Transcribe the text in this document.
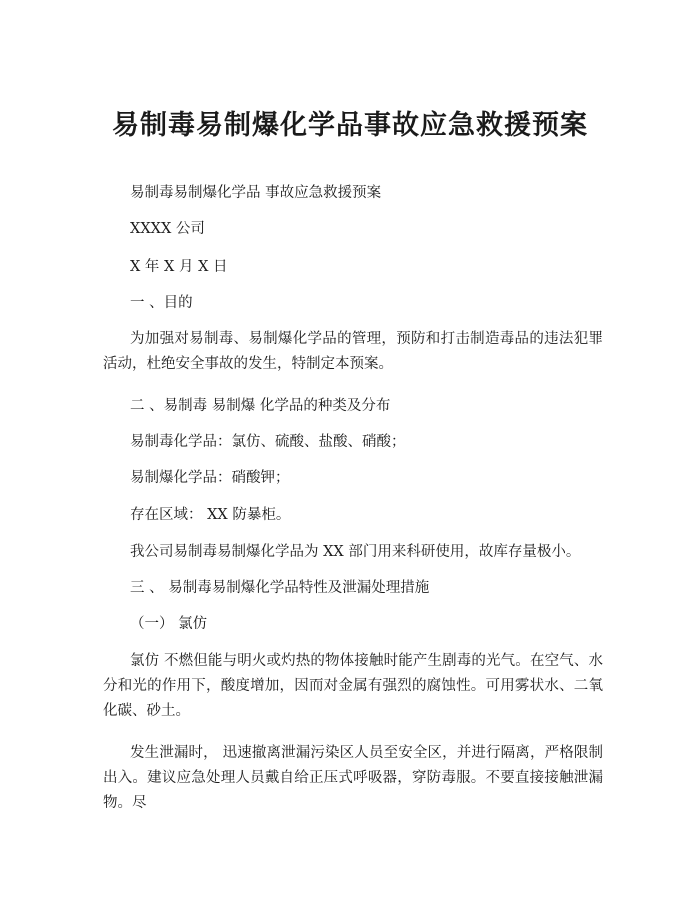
易制毒易制爆化学品事故应急救援预案

易制毒易制爆化学品 事故应急救援预案

XXXX 公司

X 年 X 月 X 日

一 、目的

为加强对易制毒、易制爆化学品的管理，预防和打击制造毒品的违法犯罪活动，杜绝安全事故的发生，特制定本预案。

二 、易制毒 易制爆 化学品的种类及分布

易制毒化学品：氯仿、硫酸、盐酸、硝酸；

易制爆化学品：硝酸钾；

存在区域： XX 防暴柜。

我公司易制毒易制爆化学品为 XX 部门用来科研使用，故库存量极小。

三 、 易制毒易制爆化学品特性及泄漏处理措施

（一） 氯仿

氯仿 不燃但能与明火或灼热的物体接触时能产生剧毒的光气。在空气、水分和光的作用下，酸度增加，因而对金属有强烈的腐蚀性。可用雾状水、二氧化碳、砂土。

发生泄漏时， 迅速撤离泄漏污染区人员至安全区，并进行隔离，严格限制出入。建议应急处理人员戴自给正压式呼吸器，穿防毒服。不要直接接触泄漏物。尽
